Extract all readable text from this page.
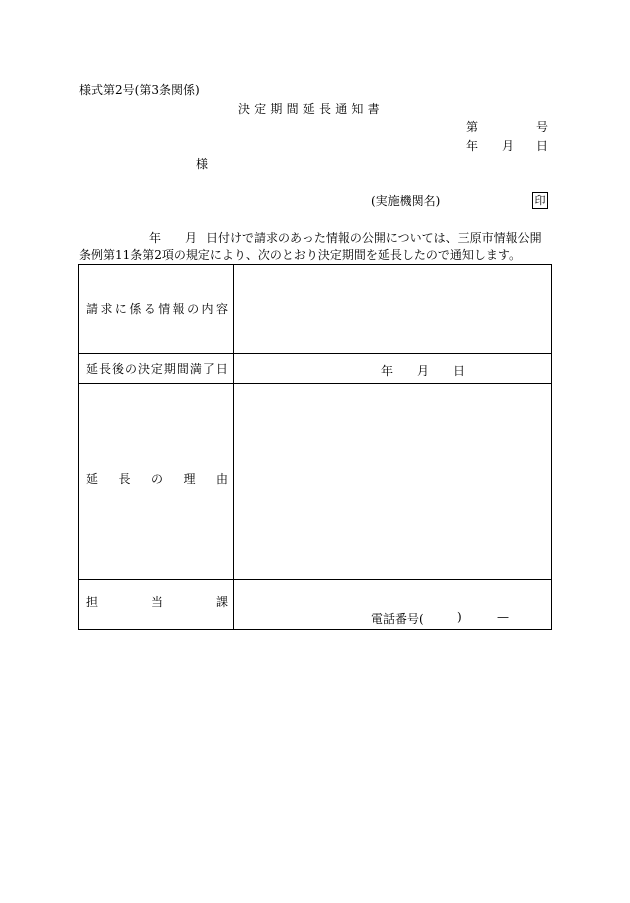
様式第2号(第3条関係)
決定期間延長通知書
第	号
年 月 日
様
(実施機関名)	印
年 月 日付けで請求のあった情報の公開については、三原市情報公開
条例第11条第2項の規定により、次のとおり決定期間を延長したので通知します。
請 求 に 係 る 情 報 の 内 容
延 長 後 の 決 定 期 間 満 了 日	年 月 日
延 長 の 理 由
担	当	課
電話番号(	)	—
